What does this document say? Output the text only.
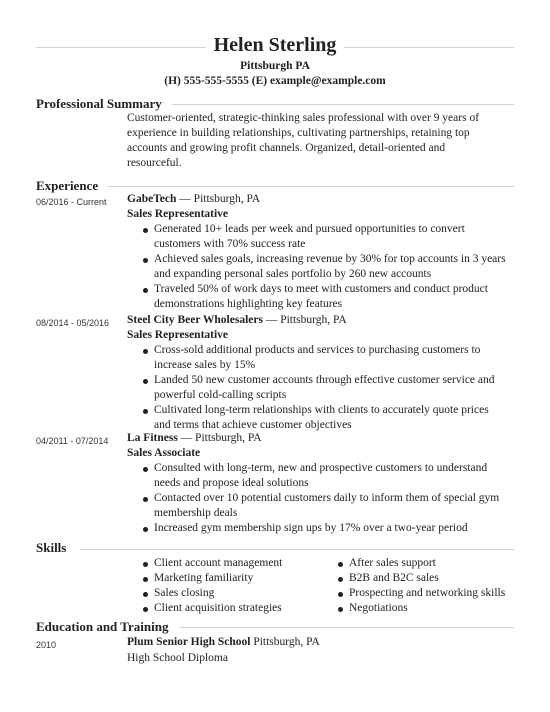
Helen Sterling
Pittsburgh PA
(H) 555-555-5555 (E) example@example.com
Professional Summary
Customer-oriented, strategic-thinking sales professional with over 9 years of
experience in building relationships, cultivating partnerships, retaining top
accounts and growing profit channels. Organized, detail-oriented and
resourceful.
Experience
06/2016 - Current GabeTech — Pittsburgh, PA
Sales Representative
Generated 10+ leads per week and pursued opportunities to convert
customers with 70% success rate
Achieved sales goals, increasing revenue by 30% for top accounts in 3 years
and expanding personal sales portfolio by 260 new accounts
Traveled 50% of work days to meet with customers and conduct product
demonstrations highlighting key features
08/2014 - 05/2016 Steel City Beer Wholesalers — Pittsburgh, PA
Sales Representative
Cross-sold additional products and services to purchasing customers to
increase sales by 15%
Landed 50 new customer accounts through effective customer service and
powerful cold-calling scripts
Cultivated long-term relationships with clients to accurately quote prices
and terms that achieve customer objectives
04/2011 - 07/2014 La Fitness — Pittsburgh, PA
Sales Associate
Consulted with long-term, new and prospective customers to understand
needs and propose ideal solutions
Contacted over 10 potential customers daily to inform them of special gym
membership deals
Increased gym membership sign ups by 17% over a two-year period
Skills
Client account management
Marketing familiarity
Sales closing
Client acquisition strategies
After sales support
B2B and B2C sales
Prospecting and networking skills
Negotiations
Education and Training
2010	Plum Senior High School Pittsburgh, PA
High School Diploma
